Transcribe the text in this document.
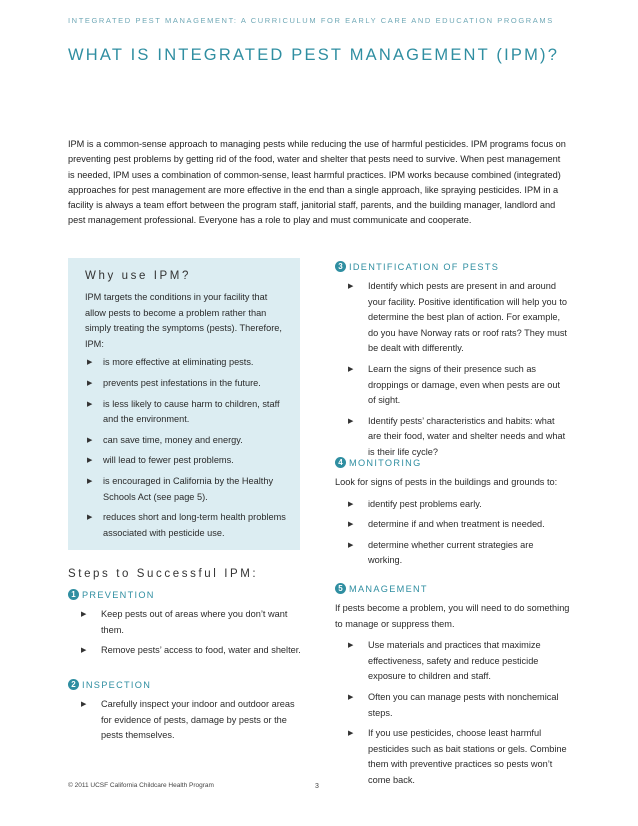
INTEGRATED PEST MANAGEMENT: A CURRICULUM FOR EARLY CARE AND EDUCATION PROGRAMS
WHAT IS INTEGRATED PEST MANAGEMENT (IPM)?
IPM is a common-sense approach to managing pests while reducing the use of harmful pesticides. IPM programs focus on preventing pest problems by getting rid of the food, water and shelter that pests need to survive. When pest management is needed, IPM uses a combination of common-sense, least harmful practices. IPM works because combined (integrated) approaches for pest management are more effective in the end than a single approach, like spraying pesticides. IPM in a facility is always a team effort between the program staff, janitorial staff, parents, and the building manager, landlord and pest management professional. Everyone has a role to play and must communicate and cooperate.
Why use IPM?
IPM targets the conditions in your facility that allow pests to become a problem rather than simply treating the symptoms (pests). Therefore, IPM:
▶ is more effective at eliminating pests.
▶ prevents pest infestations in the future.
▶ is less likely to cause harm to children, staff and the environment.
▶ can save time, money and energy.
▶ will lead to fewer pest problems.
▶ is encouraged in California by the Healthy Schools Act (see page 5).
▶ reduces short and long-term health problems associated with pesticide use.
Steps to Successful IPM:
1 PREVENTION
▶ Keep pests out of areas where you don’t want them.
▶ Remove pests’ access to food, water and shelter.
2 INSPECTION
▶ Carefully inspect your indoor and outdoor areas for evidence of pests, damage by pests or the pests themselves.
3 IDENTIFICATION OF PESTS
▶ Identify which pests are present in and around your facility. Positive identification will help you to determine the best plan of action. For example, do you have Norway rats or roof rats? They must be dealt with differently.
▶ Learn the signs of their presence such as droppings or damage, even when pests are out of sight.
▶ Identify pests’ characteristics and habits: what are their food, water and shelter needs and what is their life cycle?
4 MONITORING
Look for signs of pests in the buildings and grounds to:
▶ identify pest problems early.
▶ determine if and when treatment is needed.
▶ determine whether current strategies are working.
5 MANAGEMENT
If pests become a problem, you will need to do something to manage or suppress them.
▶ Use materials and practices that maximize effectiveness, safety and reduce pesticide exposure to children and staff.
▶ Often you can manage pests with nonchemical steps.
▶ If you use pesticides, choose least harmful pesticides such as bait stations or gels. Combine them with preventive practices so pests won’t come back.
© 2011 UCSF California Childcare Health Program	3
